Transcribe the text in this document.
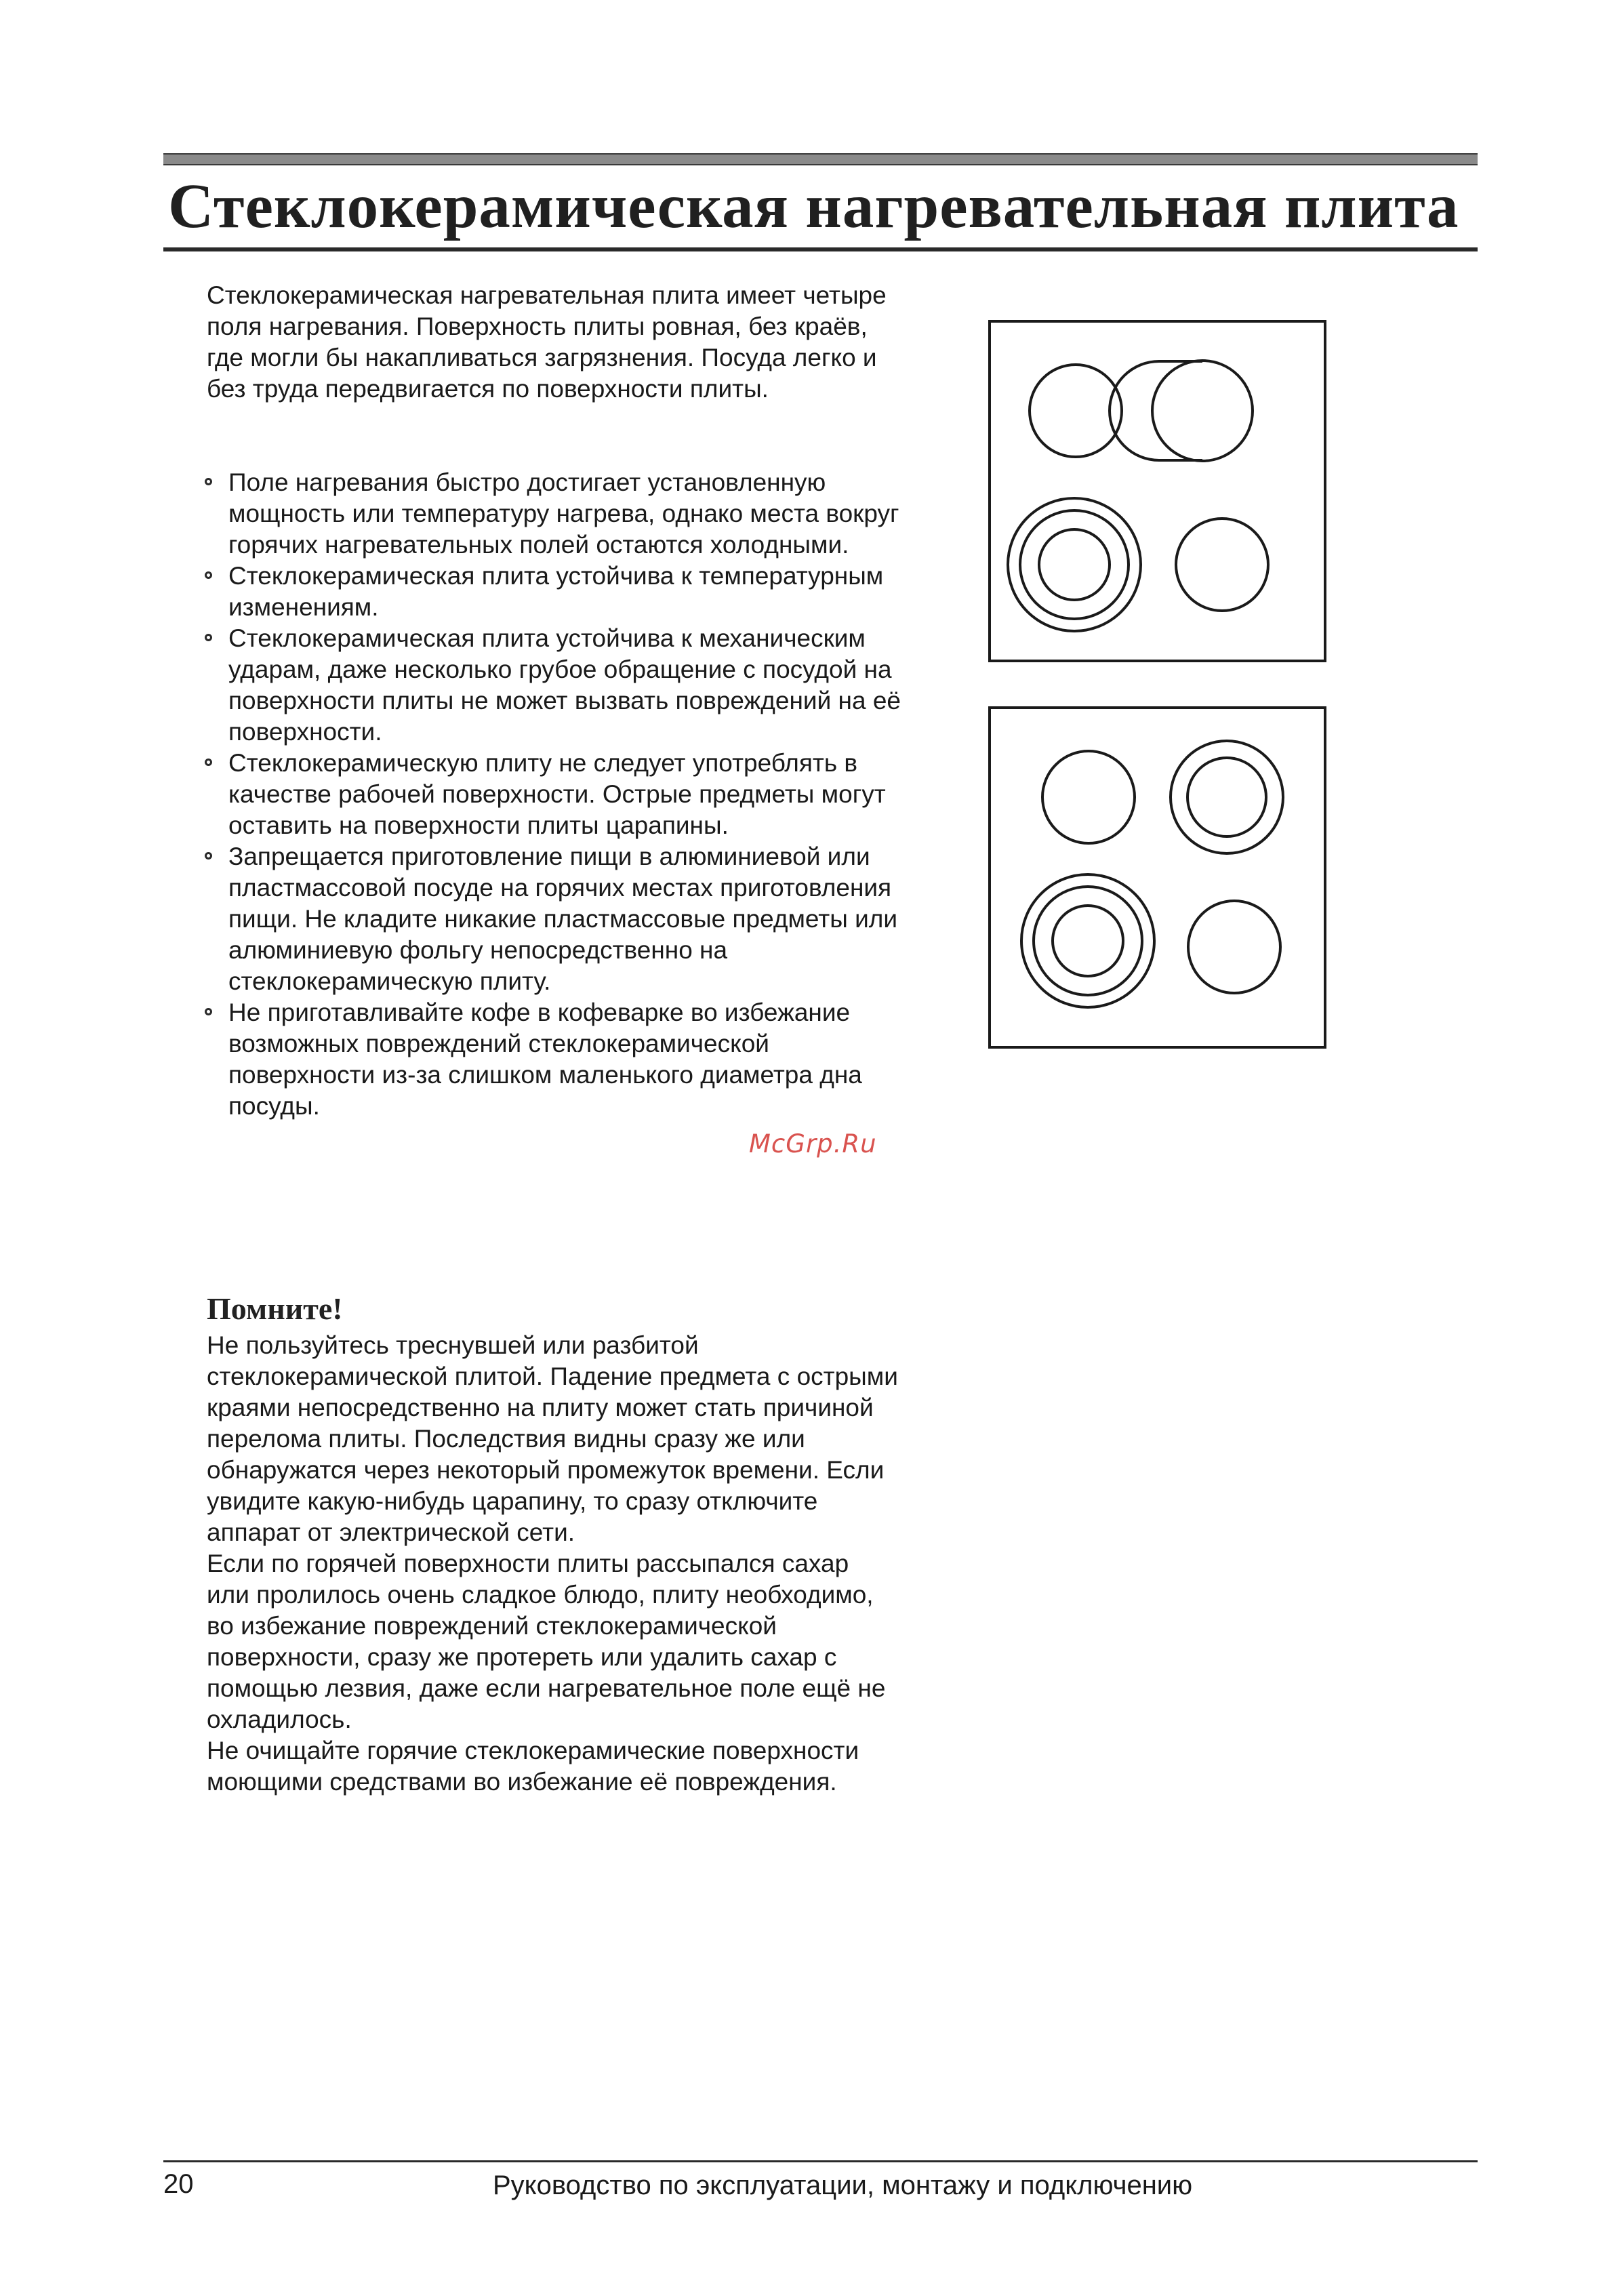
Стеклокерамическая нагревательная плита

Стеклокерамическая нагревательная плита имеет четыре поля нагревания. Поверхность плиты ровная, без краёв, где могли бы накапливаться загрязнения. Посуда легко и без труда передвигается по поверхности плиты.

Поле нагревания быстро достигает установленную мощность или температуру нагрева, однако места вокруг горячих нагревательных полей остаются холодными.
Стеклокерамическая плита устойчива к температурным изменениям.
Стеклокерамическая плита устойчива к механическим ударам, даже несколько грубое обращение с посудой на поверхности плиты не может вызвать повреждений на её поверхности.
Стеклокерамическую плиту не следует употреблять в качестве рабочей поверхности. Острые предметы могут оставить на поверхности плиты царапины.
Запрещается приготовление пищи в алюминиевой или пластмассовой посуде на горячих местах приготовления пищи. Не кладите никакие пластмассовые предметы или алюминиевую фольгу непосредственно на стеклокерамическую плиту.
Не приготавливайте кофе в кофеварке во избежание возможных повреждений стеклокерамической поверхности из-за слишком маленького диаметра дна посуды.
McGrp.Ru
Помните!

Не пользуйтесь треснувшей или разбитой стеклокерамической плитой. Падение предмета с острыми краями непосредственно на плиту может стать причиной перелома плиты. Последствия видны сразу же или обнаружатся через некоторый промежуток времени. Если увидите какую-нибудь царапину, то сразу отключите аппарат от электрической сети.

Если по горячей поверхности плиты рассыпался сахар или пролилось очень сладкое блюдо, плиту необходимо, во избежание повреждений стеклокерамической поверхности, сразу же протереть или удалить сахар с помощью лезвия, даже если нагревательное поле ещё не охладилось.

Не очищайте горячие стеклокерамические поверхности моющими средствами во избежание её повреждения.

20	Руководство по эксплуатации, монтажу и подключению
